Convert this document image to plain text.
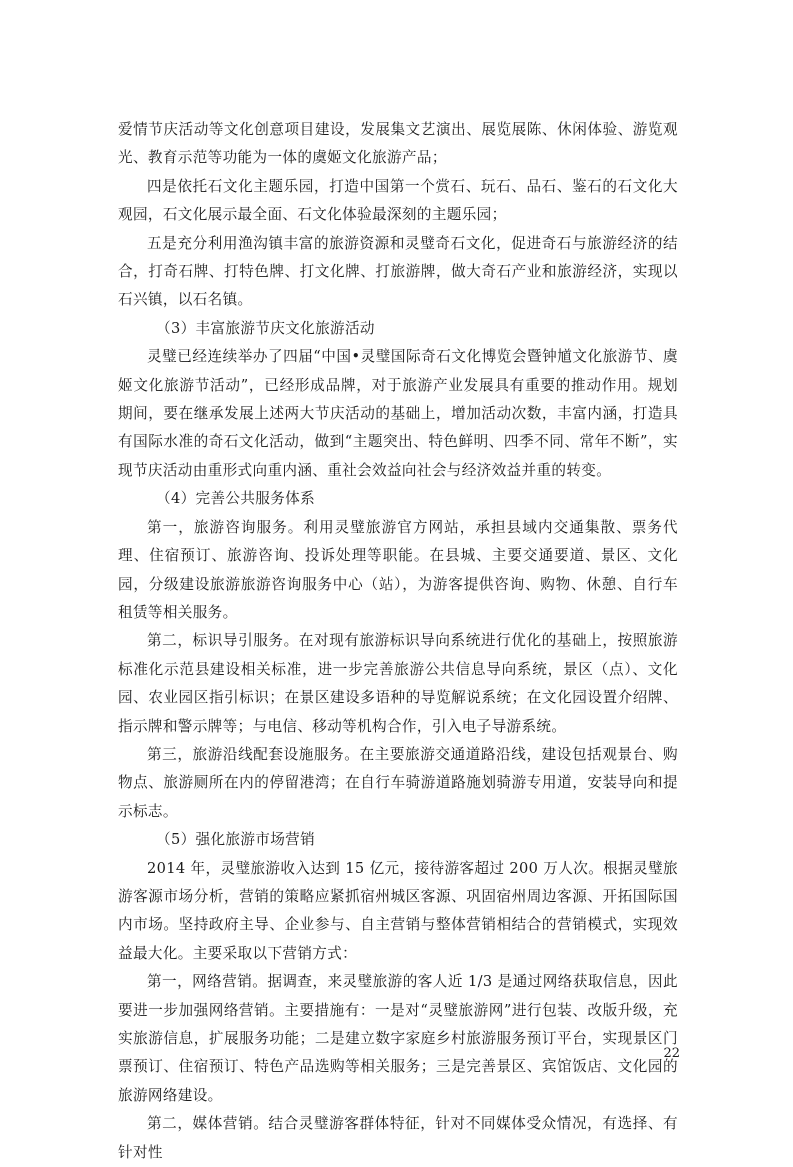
爱情节庆活动等文化创意项目建设，发展集文艺演出、展览展陈、休闲体验、游览观光、教育示范等功能为一体的虞姬文化旅游产品；

四是依托石文化主题乐园，打造中国第一个赏石、玩石、品石、鉴石的石文化大观园，石文化展示最全面、石文化体验最深刻的主题乐园；

五是充分利用渔沟镇丰富的旅游资源和灵璧奇石文化，促进奇石与旅游经济的结合，打奇石牌、打特色牌、打文化牌、打旅游牌，做大奇石产业和旅游经济，实现以石兴镇，以石名镇。

（3）丰富旅游节庆文化旅游活动

灵璧已经连续举办了四届“中国•灵璧国际奇石文化博览会暨钟馗文化旅游节、虞姬文化旅游节活动”，已经形成品牌，对于旅游产业发展具有重要的推动作用。规划期间，要在继承发展上述两大节庆活动的基础上，增加活动次数，丰富内涵，打造具有国际水准的奇石文化活动，做到“主题突出、特色鲜明、四季不同、常年不断”，实现节庆活动由重形式向重内涵、重社会效益向社会与经济效益并重的转变。

（4）完善公共服务体系

第一，旅游咨询服务。利用灵璧旅游官方网站，承担县域内交通集散、票务代理、住宿预订、旅游咨询、投诉处理等职能。在县城、主要交通要道、景区、文化园，分级建设旅游旅游咨询服务中心（站），为游客提供咨询、购物、休憩、自行车租赁等相关服务。

第二，标识导引服务。在对现有旅游标识导向系统进行优化的基础上，按照旅游标准化示范县建设相关标准，进一步完善旅游公共信息导向系统，景区（点）、文化园、农业园区指引标识；在景区建设多语种的导览解说系统；在文化园设置介绍牌、指示牌和警示牌等；与电信、移动等机构合作，引入电子导游系统。

第三，旅游沿线配套设施服务。在主要旅游交通道路沿线，建设包括观景台、购物点、旅游厕所在内的停留港湾；在自行车骑游道路施划骑游专用道，安装导向和提示标志。

（5）强化旅游市场营销

2014 年，灵璧旅游收入达到 15 亿元，接待游客超过 200 万人次。根据灵璧旅游客源市场分析，营销的策略应紧抓宿州城区客源、巩固宿州周边客源、开拓国际国内市场。坚持政府主导、企业参与、自主营销与整体营销相结合的营销模式，实现效益最大化。主要采取以下营销方式：

第一，网络营销。据调查，来灵璧旅游的客人近 1/3 是通过网络获取信息，因此要进一步加强网络营销。主要措施有：一是对“灵璧旅游网”进行包装、改版升级，充实旅游信息，扩展服务功能；二是建立数字家庭乡村旅游服务预订平台，实现景区门票预订、住宿预订、特色产品选购等相关服务；三是完善景区、宾馆饭店、文化园的旅游网络建设。

第二，媒体营销。结合灵璧游客群体特征，针对不同媒体受众情况，有选择、有针对性

22
